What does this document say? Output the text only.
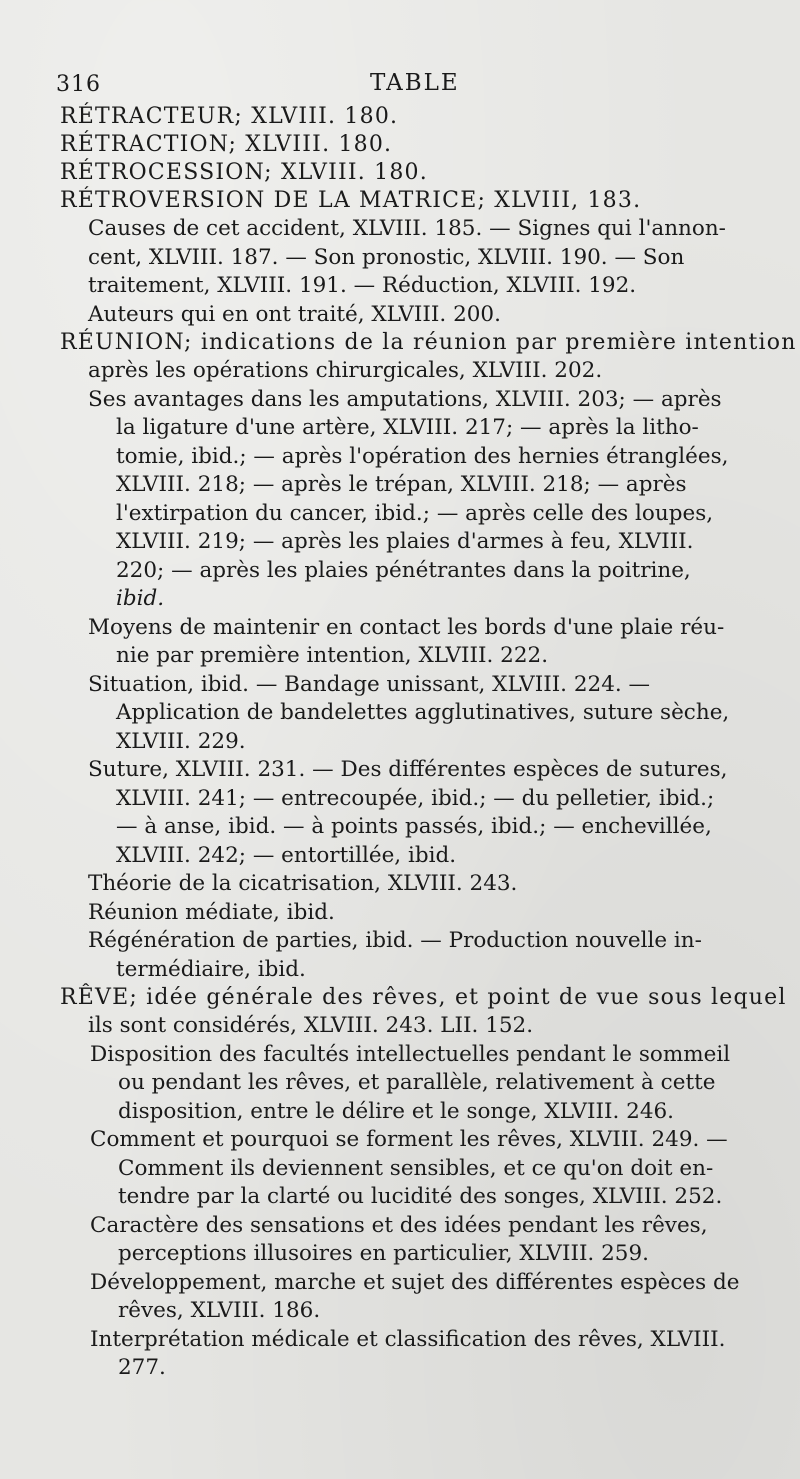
316	TABLE
RÉTRACTEUR; XLVIII. 180.
RÉTRACTION; XLVIII. 180.
RÉTROCESSION; XLVIII. 180.
RÉTROVERSION DE LA MATRICE; XLVIII, 183.
Causes de cet accident, XLVIII. 185. — Signes qui l'annon-
cent, XLVIII. 187. — Son pronostic, XLVIII. 190. — Son
traitement, XLVIII. 191. — Réduction, XLVIII. 192.
Auteurs qui en ont traité, XLVIII. 200.
RÉUNION; indications de la réunion par première intention
après les opérations chirurgicales, XLVIII. 202.
Ses avantages dans les amputations, XLVIII. 203; — après
la ligature d'une artère, XLVIII. 217; — après la litho-
tomie, ibid.; — après l'opération des hernies étranglées,
XLVIII. 218; — après le trépan, XLVIII. 218; — après
l'extirpation du cancer, ibid.; — après celle des loupes,
XLVIII. 219; — après les plaies d'armes à feu, XLVIII.
220; — après les plaies pénétrantes dans la poitrine,
ibid.
Moyens de maintenir en contact les bords d'une plaie réu-
nie par première intention, XLVIII. 222.
Situation, ibid. — Bandage unissant, XLVIII. 224. —
Application de bandelettes agglutinatives, suture sèche,
XLVIII. 229.
Suture, XLVIII. 231. — Des différentes espèces de sutures,
XLVIII. 241; — entrecoupée, ibid.; — du pelletier, ibid.;
— à anse, ibid. — à points passés, ibid.; — enchevillée,
XLVIII. 242; — entortillée, ibid.
Théorie de la cicatrisation, XLVIII. 243.
Réunion médiate, ibid.
Régénération de parties, ibid. — Production nouvelle in-
termédiaire, ibid.
RÊVE; idée générale des rêves, et point de vue sous lequel
ils sont considérés, XLVIII. 243. LII. 152.
Disposition des facultés intellectuelles pendant le sommeil
ou pendant les rêves, et parallèle, relativement à cette
disposition, entre le délire et le songe, XLVIII. 246.
Comment et pourquoi se forment les rêves, XLVIII. 249. —
Comment ils deviennent sensibles, et ce qu'on doit en-
tendre par la clarté ou lucidité des songes, XLVIII. 252.
Caractère des sensations et des idées pendant les rêves,
perceptions illusoires en particulier, XLVIII. 259.
Développement, marche et sujet des différentes espèces de
rêves, XLVIII. 186.
Interprétation médicale et classification des rêves, XLVIII.
277.
